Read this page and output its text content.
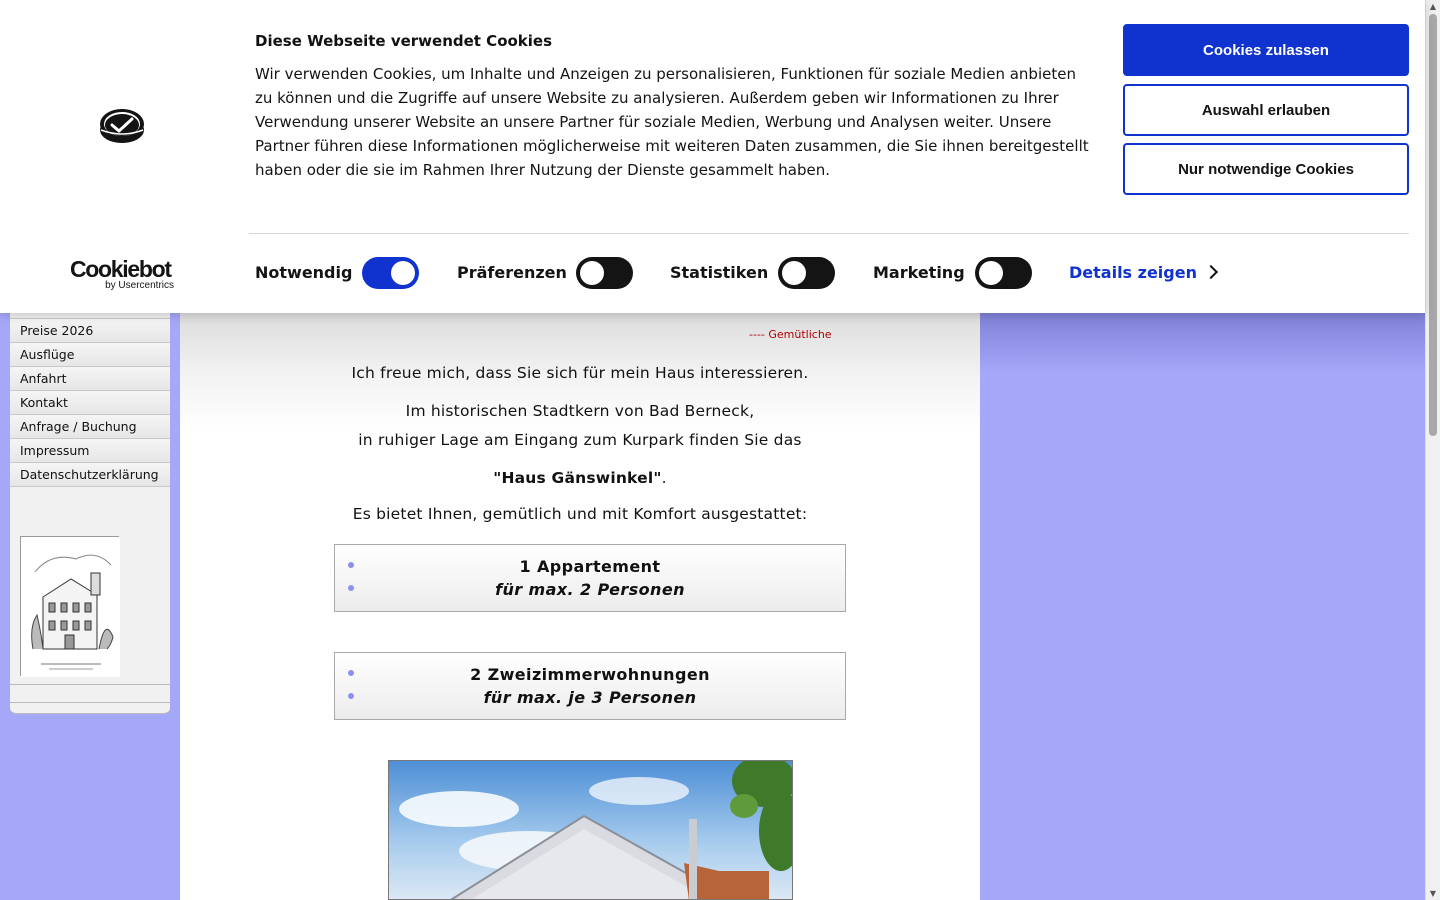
Preise 2026
Ausflüge
Anfahrt
Kontakt
Anfrage / Buchung
Impressum
Datenschutzerklärung
---- Gemütliche

Ich freue mich, dass Sie sich für mein Haus interessieren.

Im historischen Stadtkern von Bad Berneck,

in ruhiger Lage am Eingang zum Kurpark finden Sie das

"Haus Gänswinkel".

Es bietet Ihnen, gemütlich und mit Komfort ausgestattet:

1 Appartement
für max. 2 Personen
2 Zweizimmerwohnungen
für max. je 3 Personen
▲
▼
Cookiebot
by Usercentrics
Diese Webseite verwendet Cookies

Wir verwenden Cookies, um Inhalte und Anzeigen zu personalisieren, Funktionen für soziale Medien anbieten zu können und die Zugriffe auf unsere Website zu analysieren. Außerdem geben wir Informationen zu Ihrer Verwendung unserer Website an unsere Partner für soziale Medien, Werbung und Analysen weiter. Unsere Partner führen diese Informationen möglicherweise mit weiteren Daten zusammen, die Sie ihnen bereitgestellt haben oder die sie im Rahmen Ihrer Nutzung der Dienste gesammelt haben.

Cookies zulassen
Auswahl erlauben
Nur notwendige Cookies
Notwendig	Präferenzen	Statistiken	Marketing	Details zeigen
